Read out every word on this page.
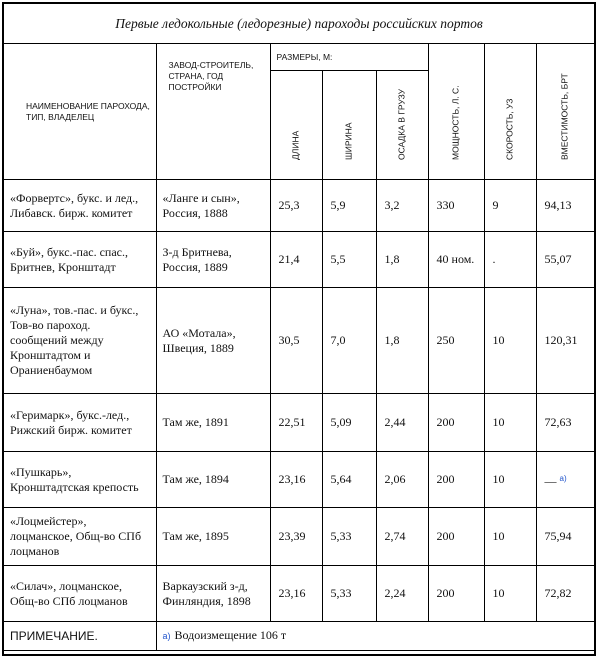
Первые ледокольные (ледорезные) пароходы российских портов
НАИМЕНОВАНИЕ ПАРОХОДА, ТИП, ВЛАДЕЛЕЦ	ЗАВОД-СТРОИТЕЛЬ, СТРАНА, ГОД ПОСТРОЙКИ	РАЗМЕРЫ, М:			МОЩНОСТЬ, Л. С.	СКОРОСТЬ, УЗ	ВМЕСТИМОСТЬ, БРТ

		ДЛИНА	ШИРИНА	ОСАДКА В ГРУЗУ			

«Форвертс», букс. и лед., Либавск. бирж. комитет	«Ланге и сын», Россия, 1888	25,3	5,9	3,2	330	9	94,13
«Буй», букс.-пас. спас., Бритнев, Кронштадт	З-д Бритнева, Россия, 1889	21,4	5,5	1,8	40 ном.	.	55,07
«Луна», тов.-пас. и букс., Тов-во пароход. сообщений между Кронштадтом и Ораниенбаумом	АО «Мотала», Швеция, 1889	30,5	7,0	1,8	250	10	120,31
«Геримарк», букс.-лед., Рижский бирж. комитет	Там же, 1891	22,51	5,09	2,44	200	10	72,63
«Пушкарь», Кронштадтская крепость	Там же, 1894	23,16	5,64	2,06	200	10	— $^{а)}$
«Лоцмейстер», лоцманское, Общ-во СПб лоцманов	Там же, 1895	23,39	5,33	2,74	200	10	75,94
«Силач», лоцманское, Общ-во СПб лоцманов	Варкаузский з-д, Финляндия, 1898	23,16	5,33	2,24	200	10	72,82
ПРИМЕЧАНИЕ.	а) Водоизмещение 106 т						
